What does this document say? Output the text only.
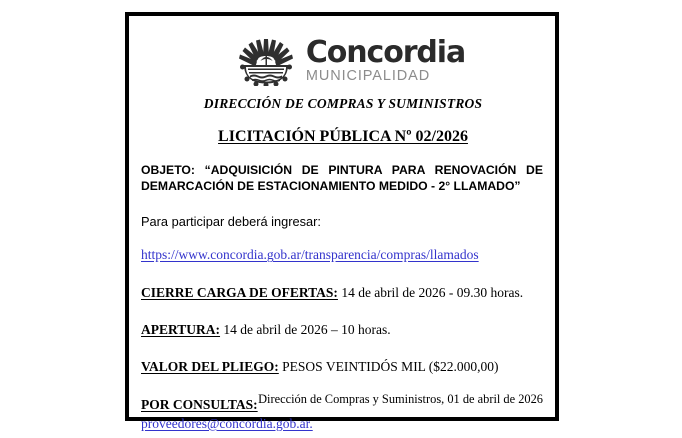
Concordia
MUNICIPALIDAD
DIRECCIÓN DE COMPRAS Y SUMINISTROS
LICITACIÓN PÚBLICA Nº 02/2026
OBJETO: “ADQUISICIÓN DE PINTURA PARA RENOVACIÓN DE DEMARCACIÓN DE ESTACIONAMIENTO MEDIDO - 2° LLAMADO”
Para participar deberá ingresar:
https://www.concordia.gob.ar/transparencia/compras/llamados
CIERRE CARGA DE OFERTAS: 14 de abril de 2026 - 09.30 horas.
APERTURA: 14 de abril de 2026 – 10 horas.
VALOR DEL PLIEGO: PESOS VEINTIDÓS MIL ($22.000,00)
POR CONSULTAS:
proveedores@concordia.gob.ar.
Dirección de Compras y Suministros, 01 de abril de 2026
